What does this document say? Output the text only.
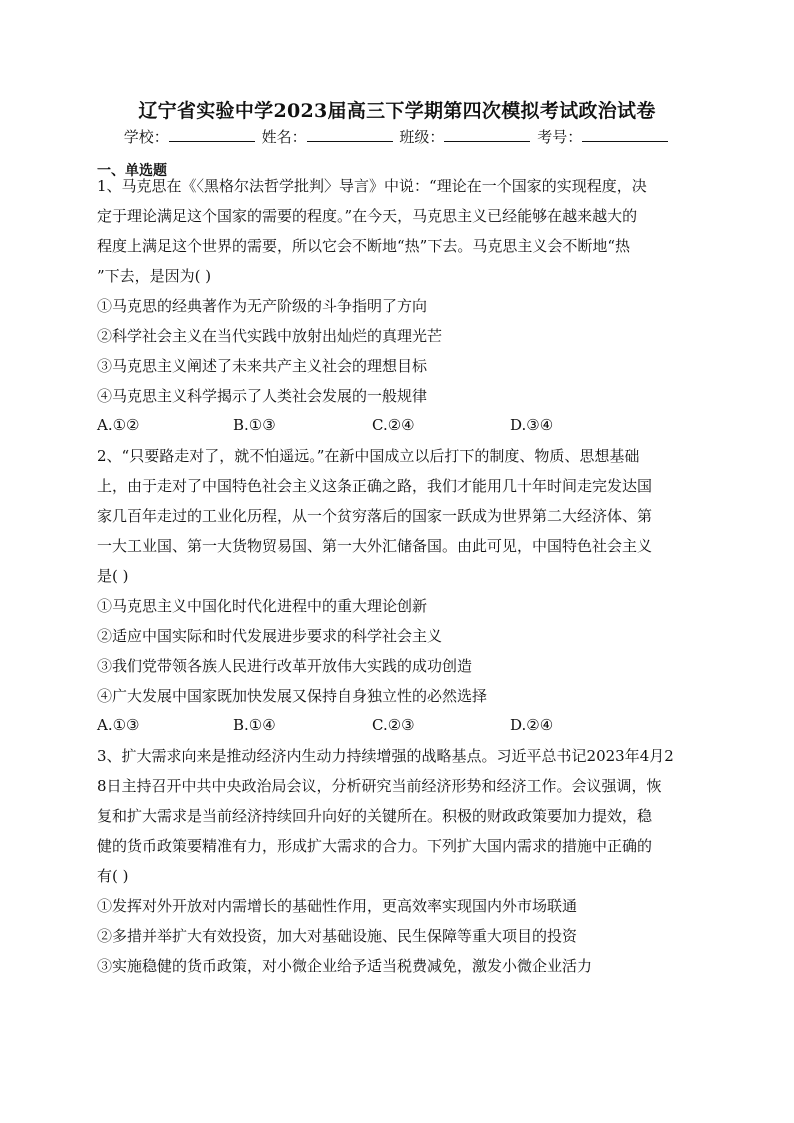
辽宁省实验中学2023届高三下学期第四次模拟考试政治试卷
学校：	姓名：	班级：	考号：
一、单选题
1、马克思在《〈黑格尔法哲学批判〉导言》中说：“理论在一个国家的实现程度，决
定于理论满足这个国家的需要的程度。”在今天，马克思主义已经能够在越来越大的
程度上满足这个世界的需要，所以它会不断地“热”下去。马克思主义会不断地“热
”下去，是因为( )
①马克思的经典著作为无产阶级的斗争指明了方向
②科学社会主义在当代实践中放射出灿烂的真理光芒
③马克思主义阐述了未来共产主义社会的理想目标
④马克思主义科学揭示了人类社会发展的一般规律
A.①②	B.①③	C.②④	D.③④
2、“只要路走对了，就不怕遥远。”在新中国成立以后打下的制度、物质、思想基础
上，由于走对了中国特色社会主义这条正确之路，我们才能用几十年时间走完发达国
家几百年走过的工业化历程，从一个贫穷落后的国家一跃成为世界第二大经济体、第
一大工业国、第一大货物贸易国、第一大外汇储备国。由此可见，中国特色社会主义
是( )
①马克思主义中国化时代化进程中的重大理论创新
②适应中国实际和时代发展进步要求的科学社会主义
③我们党带领各族人民进行改革开放伟大实践的成功创造
④广大发展中国家既加快发展又保持自身独立性的必然选择
A.①③	B.①④	C.②③	D.②④
3、扩大需求向来是推动经济内生动力持续增强的战略基点。习近平总书记2023年4月2
8日主持召开中共中央政治局会议，分析研究当前经济形势和经济工作。会议强调，恢
复和扩大需求是当前经济持续回升向好的关键所在。积极的财政政策要加力提效，稳
健的货币政策要精准有力，形成扩大需求的合力。下列扩大国内需求的措施中正确的
有( )
①发挥对外开放对内需增长的基础性作用，更高效率实现国内外市场联通
②多措并举扩大有效投资，加大对基础设施、民生保障等重大项目的投资
③实施稳健的货币政策，对小微企业给予适当税费减免，激发小微企业活力
